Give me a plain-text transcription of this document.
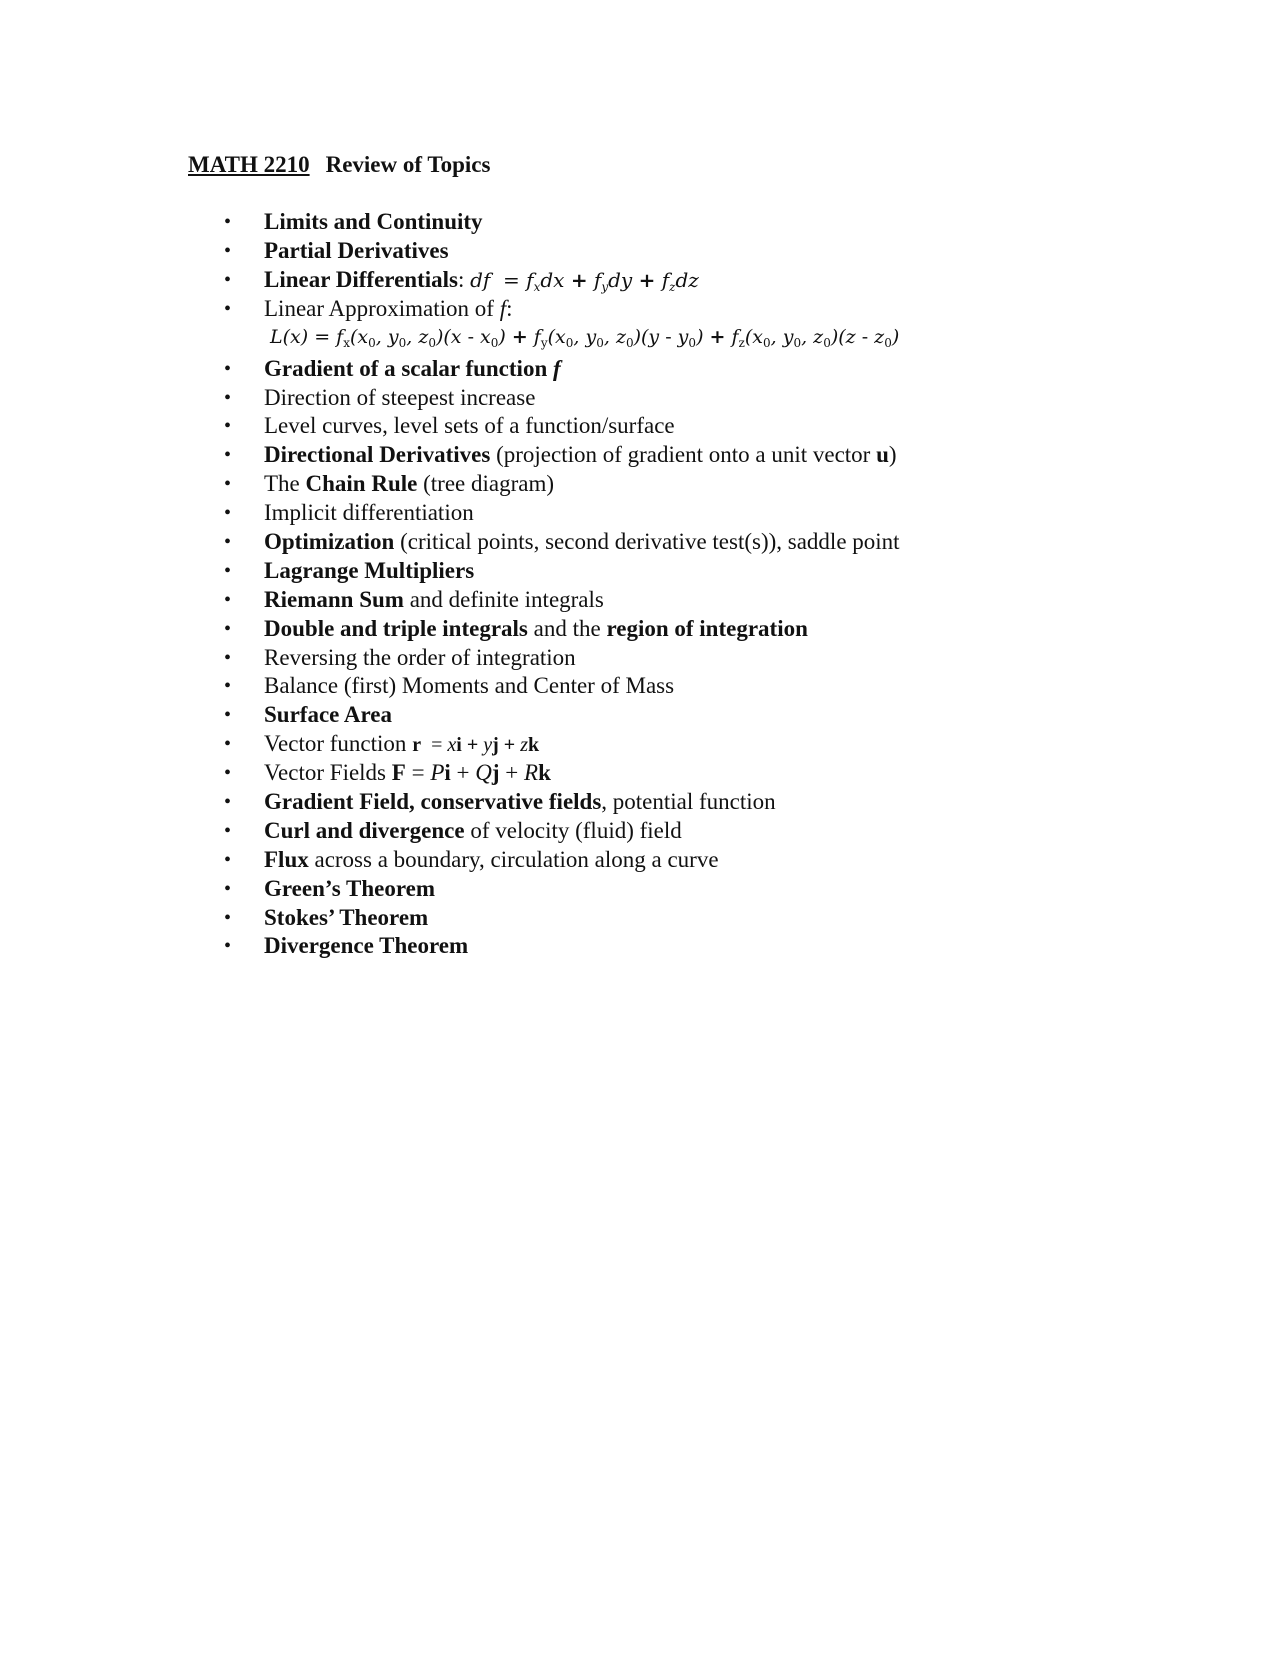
MATH 2210 Review of Topics
• Limits and Continuity
• Partial Derivatives
• Linear Differentials: df  = $f_xdx + f_ydy + f_zdz$
• Linear Approximation of f:
$L(x) = f_x(x_0$, $y_0$, $z_0)(x - x_0) + f_y(x_0$, $y_0$, $z_0)(y - y_0) + f_z(x_0$, $y_0$, $z_0)(z - z_0)$
• Gradient of a scalar function f
• Direction of steepest increase
• Level curves, level sets of a function/surface
• Directional Derivatives (projection of gradient onto a unit vector u)
• The Chain Rule (tree diagram)
• Implicit differentiation
• Optimization (critical points, second derivative test(s)), saddle point
• Lagrange Multipliers
• Riemann Sum and definite integrals
• Double and triple integrals and the region of integration
• Reversing the order of integration
• Balance (first) Moments and Center of Mass
• Surface Area
• Vector function r  = xi + yj + zk
• Vector Fields F = Pi + Qj + Rk
• Gradient Field, conservative fields, potential function
• Curl and divergence of velocity (fluid) field
• Flux across a boundary, circulation along a curve
• Green’s Theorem
• Stokes’ Theorem
• Divergence Theorem
